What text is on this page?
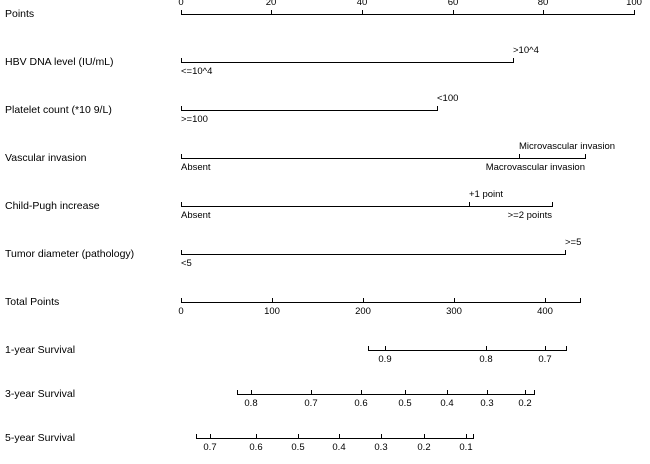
Points
0	20	40	60	80	100
HBV DNA level (IU/mL)
<=10^4
>10^4
Platelet count (*10 9/L)
>=100
<100
Vascular invasion
Absent
Microvascular invasion
Macrovascular invasion
Child-Pugh increase
Absent
+1 point
>=2 points
Tumor diameter (pathology)
<5
>=5
Total Points
0	100	200	300	400
1-year Survival
0.9	0.8	0.7
3-year Survival
0.8	0.7	0.6	0.5	0.4	0.3	0.2
5-year Survival
0.7	0.6	0.5	0.4	0.3	0.2	0.1
